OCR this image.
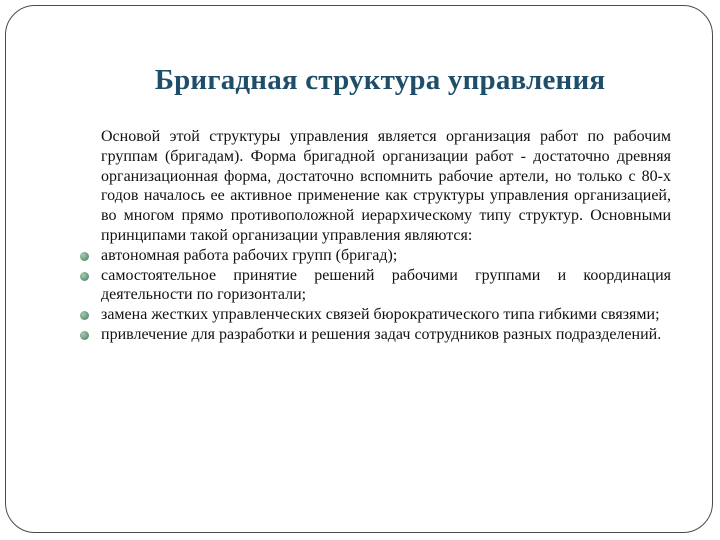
Бригадная структура управления
Основой этой структуры управления является организация работ по рабочим группам (бригадам). Форма бригадной организации работ - достаточно древняя организационная форма, достаточно вспомнить рабочие артели, но только с 80-х годов началось ее активное применение как структуры управления организацией, во многом прямо противоположной иерархическому типу структур. Основными принципами такой организации управления являются:
автономная работа рабочих групп (бригад);
самостоятельное принятие решений рабочими группами и координация деятельности по горизонтали;
замена жестких управленческих связей бюрократического типа гибкими связями;
привлечение для разработки и решения задач сотрудников разных подразделений.
